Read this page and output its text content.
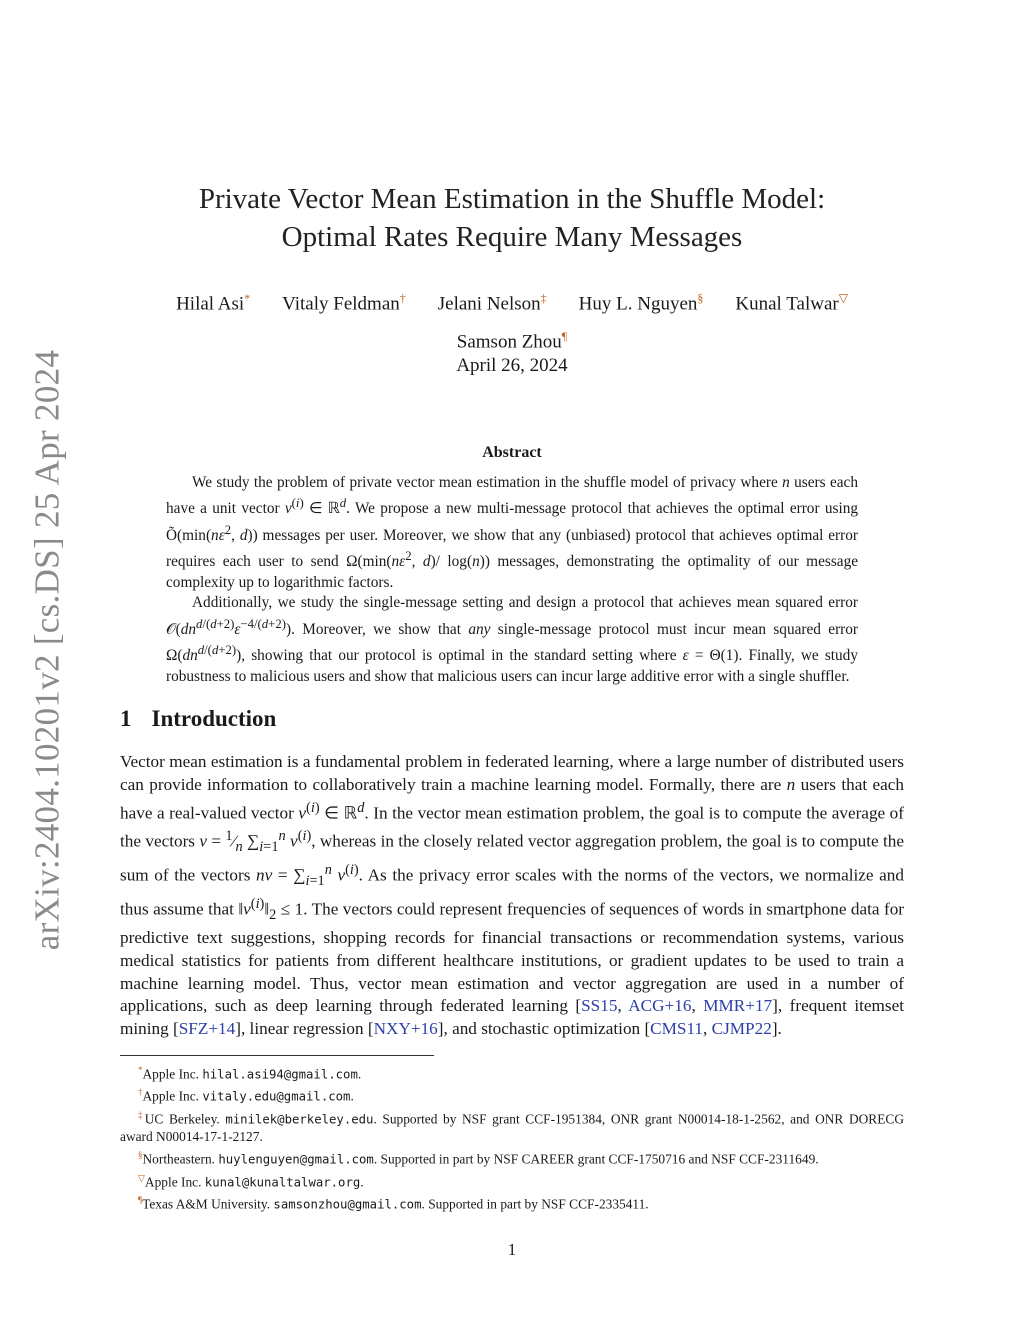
arXiv:2404.10201v2 [cs.DS] 25 Apr 2024
Private Vector Mean Estimation in the Shuffle Model:
Optimal Rates Require Many Messages
Hilal Asi* Vitaly Feldman† Jelani Nelson‡ Huy L. Nguyen§ Kunal Talwar▽
Samson Zhou¶
April 26, 2024
Abstract

We study the problem of private vector mean estimation in the shuffle model of privacy where n users each have a unit vector $v^{(i)}$ ∈ ℝ$^d$. We propose a new multi-message protocol that achieves the optimal error using $Õ(\min(n\varepsilon^2$, d)) messages per user. Moreover, we show that any (unbiased) protocol that achieves optimal error requires each user to send $\Omega(\min(n\varepsilon^2$, d)/ log(n)) messages, demonstrating the optimality of our message complexity up to logarithmic factors.

Additionally, we study the single-message setting and design a protocol that achieves mean squared error $𝒪(dn^{d/(d+2)}\varepsilon^{-4/(d+2)})$. Moreover, we show that any single-message protocol must incur mean squared error $\Omega(dn^{d/(d+2)})$, showing that our protocol is optimal in the standard setting where ε = Θ(1). Finally, we study robustness to malicious users and show that malicious users can incur large additive error with a single shuffler.

1 Introduction

Vector mean estimation is a fundamental problem in federated learning, where a large number of distributed users can provide information to collaboratively train a machine learning model. Formally, there are n users that each have a real-valued vector $v^{(i)}$ ∈ ℝ$^d$. In the vector mean estimation problem, the goal is to compute the average of the vectors $v = ^1⁄_n$ $\sum_{i=1}^n$ $v^{(i)}$, whereas in the closely related vector aggregation problem, the goal is to compute the sum of the vectors nv = $\sum_{i=1}^n$ $v^{(i)}$. As the privacy error scales with the norms of the vectors, we normalize and thus assume that $‖v^{(i)}‖_2 \le 1$. The vectors could represent frequencies of sequences of words in smartphone data for predictive text suggestions, shopping records for financial transactions or recommendation systems, various medical statistics for patients from different healthcare institutions, or gradient updates to be used to train a machine learning model. Thus, vector mean estimation and vector aggregation are used in a number of applications, such as deep learning through federated learning [SS15, ACG+16, MMR+17], frequent itemset mining [SFZ+14], linear regression [NXY+16], and stochastic optimization [CMS11, CJMP22].

*Apple Inc. hilal.asi94@gmail.com.

†Apple Inc. vitaly.edu@gmail.com.

‡UC Berkeley. minilek@berkeley.edu. Supported by NSF grant CCF-1951384, ONR grant N00014-18-1-2562, and ONR DORECG award N00014-17-1-2127.

§Northeastern. huylenguyen@gmail.com. Supported in part by NSF CAREER grant CCF-1750716 and NSF CCF-2311649.

▽Apple Inc. kunal@kunaltalwar.org.

¶Texas A&M University. samsonzhou@gmail.com. Supported in part by NSF CCF-2335411.

1
